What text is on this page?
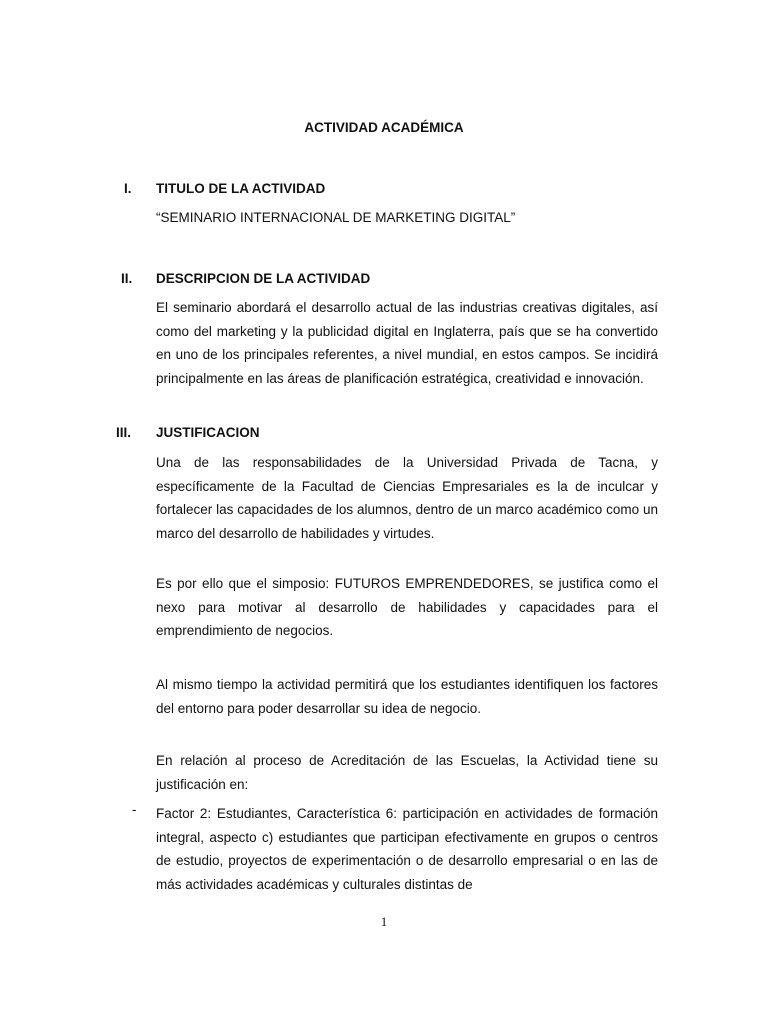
ACTIVIDAD ACADÉMICA
I.	TITULO DE LA ACTIVIDAD
“SEMINARIO INTERNACIONAL DE MARKETING DIGITAL”
II.	DESCRIPCION DE LA ACTIVIDAD
El seminario abordará el desarrollo actual de las industrias creativas digitales, así como del marketing y la publicidad digital en Inglaterra, país que se ha convertido en uno de los principales referentes, a nivel mundial, en estos campos. Se incidirá principalmente en las áreas de planificación estratégica, creatividad e innovación.
III.	JUSTIFICACION
Una de las responsabilidades de la Universidad Privada de Tacna, y específicamente de la Facultad de Ciencias Empresariales es la de inculcar y fortalecer las capacidades de los alumnos, dentro de un marco académico como un marco del desarrollo de habilidades y virtudes.
Es por ello que el simposio: FUTUROS EMPRENDEDORES, se justifica como el nexo para motivar al desarrollo de habilidades y capacidades para el emprendimiento de negocios.
Al mismo tiempo la actividad permitirá que los estudiantes identifiquen los factores del entorno para poder desarrollar su idea de negocio.
En relación al proceso de Acreditación de las Escuelas, la Actividad tiene su justificación en:
- Factor 2: Estudiantes, Característica 6: participación en actividades de formación integral, aspecto c) estudiantes que participan efectivamente en grupos o centros de estudio, proyectos de experimentación o de desarrollo empresarial o en las de más actividades académicas y culturales distintas de
1
